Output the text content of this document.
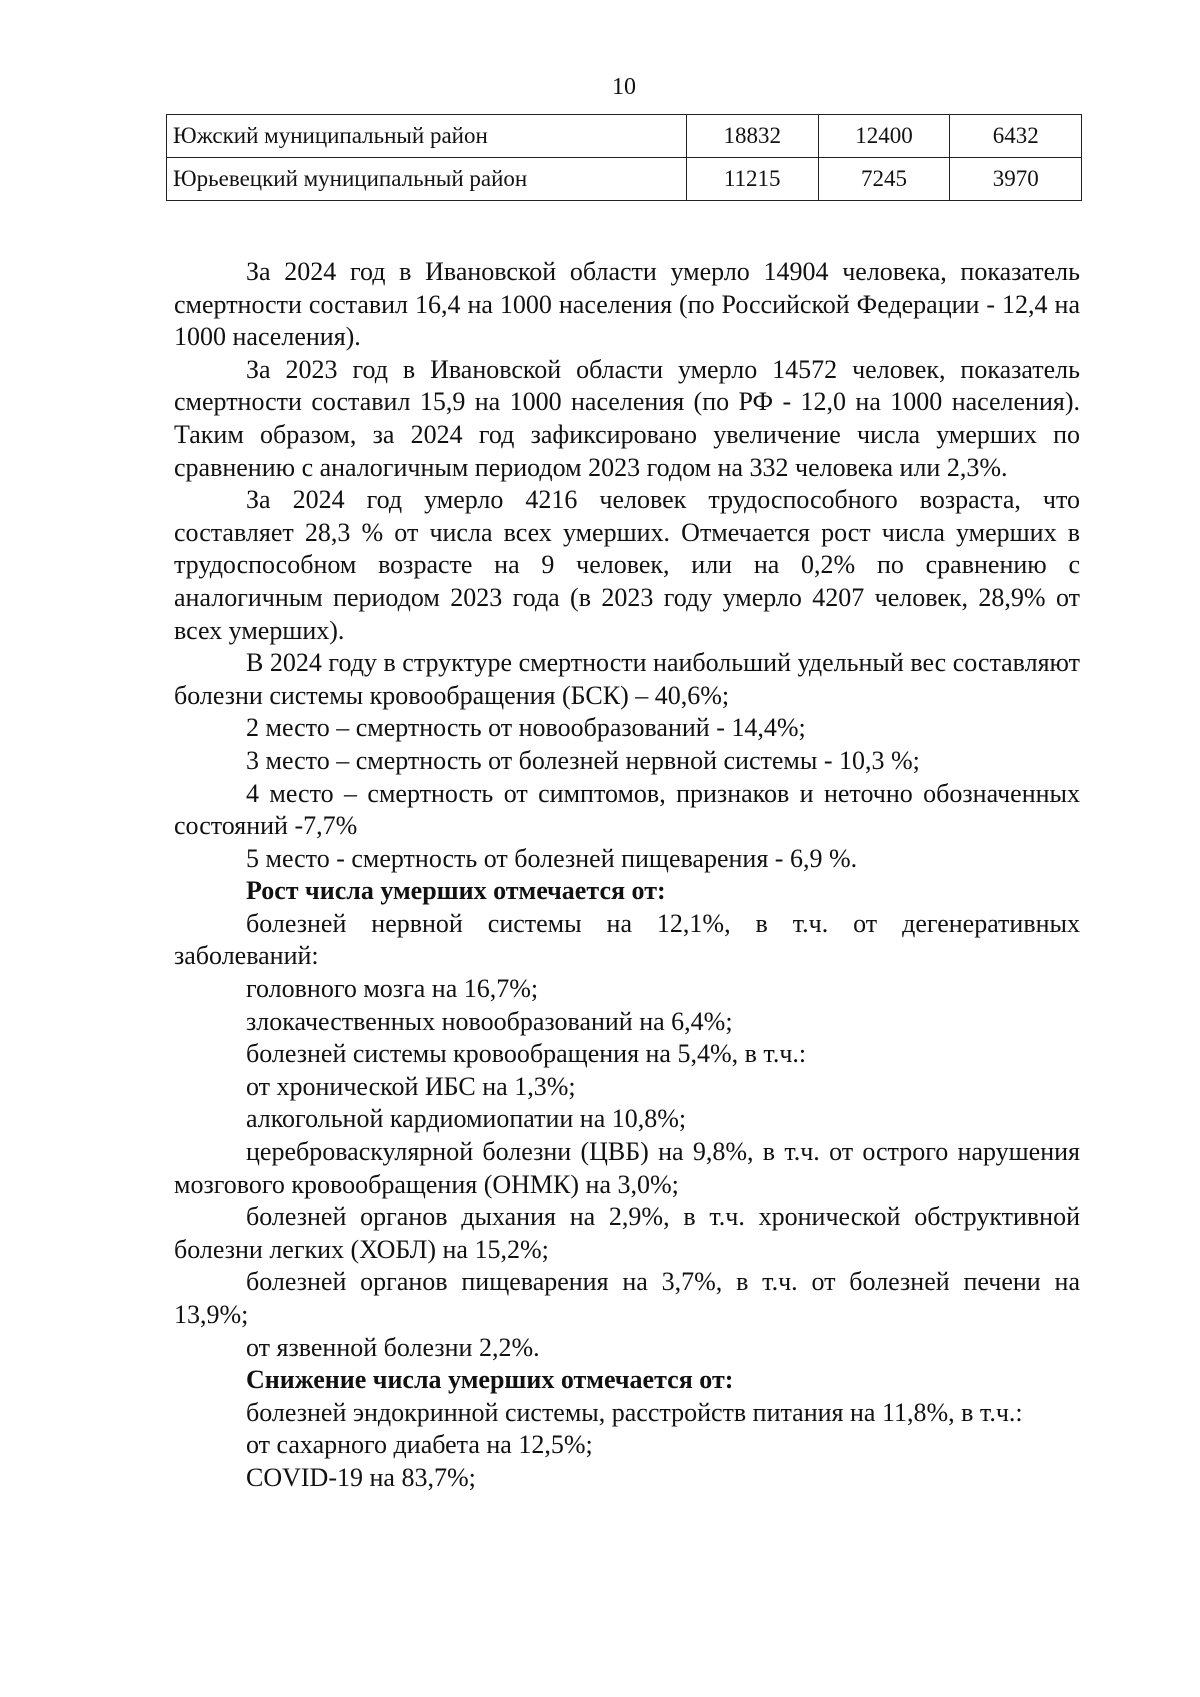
10
Южский муниципальный район	18832	12400	6432
Юрьевецкий муниципальный район	11215	7245	3970

За 2024 год в Ивановской области умерло 14904 человека, показатель смертности составил 16,4 на 1000 населения (по Российской Федерации - 12,4 на 1000 населения).

За 2023 год в Ивановской области умерло 14572 человек, показатель смертности составил 15,9 на 1000 населения (по РФ - 12,0 на 1000 населения). Таким образом, за 2024 год зафиксировано увеличение числа умерших по сравнению с аналогичным периодом 2023 годом на 332 человека или 2,3%.

За 2024 год умерло 4216 человек трудоспособного возраста, что составляет 28,3 % от числа всех умерших. Отмечается рост числа умерших в трудоспособном возрасте на 9 человек, или на 0,2% по сравнению с аналогичным периодом 2023 года (в 2023 году умерло 4207 человек, 28,9% от всех умерших).

В 2024 году в структуре смертности наибольший удельный вес составляют болезни системы кровообращения (БСК) – 40,6%;

2 место – смертность от новообразований - 14,4%;

3 место – смертность от болезней нервной системы - 10,3 %;

4 место – смертность от симптомов, признаков и неточно обозначенных состояний -7,7%

5 место - смертность от болезней пищеварения - 6,9 %.

Рост числа умерших отмечается от:

болезней нервной системы на 12,1%, в т.ч. от дегенеративных заболеваний:

головного мозга на 16,7%;

злокачественных новообразований на 6,4%;

болезней системы кровообращения на 5,4%, в т.ч.:

от хронической ИБС на 1,3%;

алкогольной кардиомиопатии на 10,8%;

цереброваскулярной болезни (ЦВБ) на 9,8%, в т.ч. от острого нарушения мозгового кровообращения (ОНМК) на 3,0%;

болезней органов дыхания на 2,9%, в т.ч. хронической обструктивной болезни легких (ХОБЛ) на 15,2%;

болезней органов пищеварения на 3,7%, в т.ч. от болезней печени на 13,9%;

от язвенной болезни 2,2%.

Снижение числа умерших отмечается от:

болезней эндокринной системы, расстройств питания на 11,8%, в т.ч.:

от сахарного диабета на 12,5%;

COVID-19 на 83,7%;
